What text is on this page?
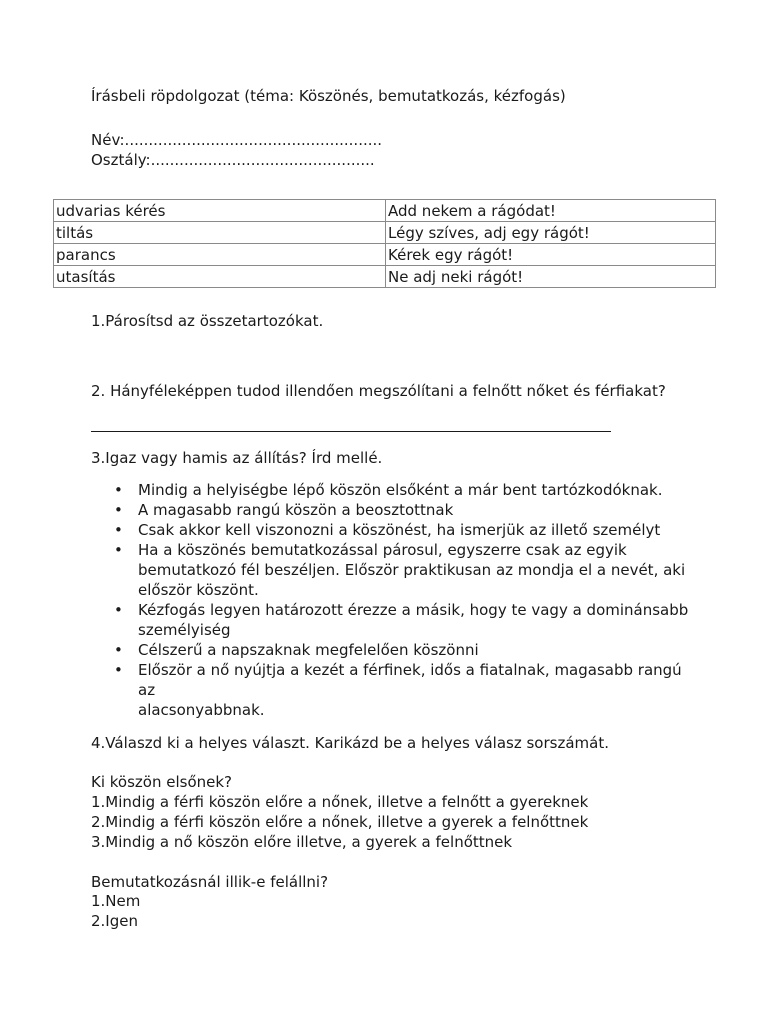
Írásbeli röpdolgozat (téma: Köszönés, bemutatkozás, kézfogás)
Név:......................................................
Osztály:...............................................
udvarias kérés	Add nekem a rágódat!
tiltás	Légy szíves, adj egy rágót!
parancs	Kérek egy rágót!
utasítás	Ne adj neki rágót!
1.Párosítsd az összetartozókat.
2. Hányféleképpen tudod illendően megszólítani a felnőtt nőket és férfiakat?
3.Igaz vagy hamis az állítás? Írd mellé.
• Mindig a helyiségbe lépő köszön elsőként a már bent tartózkodóknak.
• A magasabb rangú köszön a beosztottnak
• Csak akkor kell viszonozni a köszönést, ha ismerjük az illető személyt
• Ha a köszönés bemutatkozással párosul, egyszerre csak az egyik
bemutatkozó fél beszéljen. Először praktikusan az mondja el a nevét, aki
először köszönt.
• Kézfogás legyen határozott érezze a másik, hogy te vagy a dominánsabb
személyiség
• Célszerű a napszaknak megfelelően köszönni
• Először a nő nyújtja a kezét a férfinek, idős a fiatalnak, magasabb rangú az
alacsonyabbnak.
4.Válaszd ki a helyes választ. Karikázd be a helyes válasz sorszámát.
Ki köszön elsőnek?
1.Mindig a férfi köszön előre a nőnek, illetve a felnőtt a gyereknek
2.Mindig a férfi köszön előre a nőnek, illetve a gyerek a felnőttnek
3.Mindig a nő köszön előre illetve, a gyerek a felnőttnek
Bemutatkozásnál illik-e felállni?
1.Nem
2.Igen
